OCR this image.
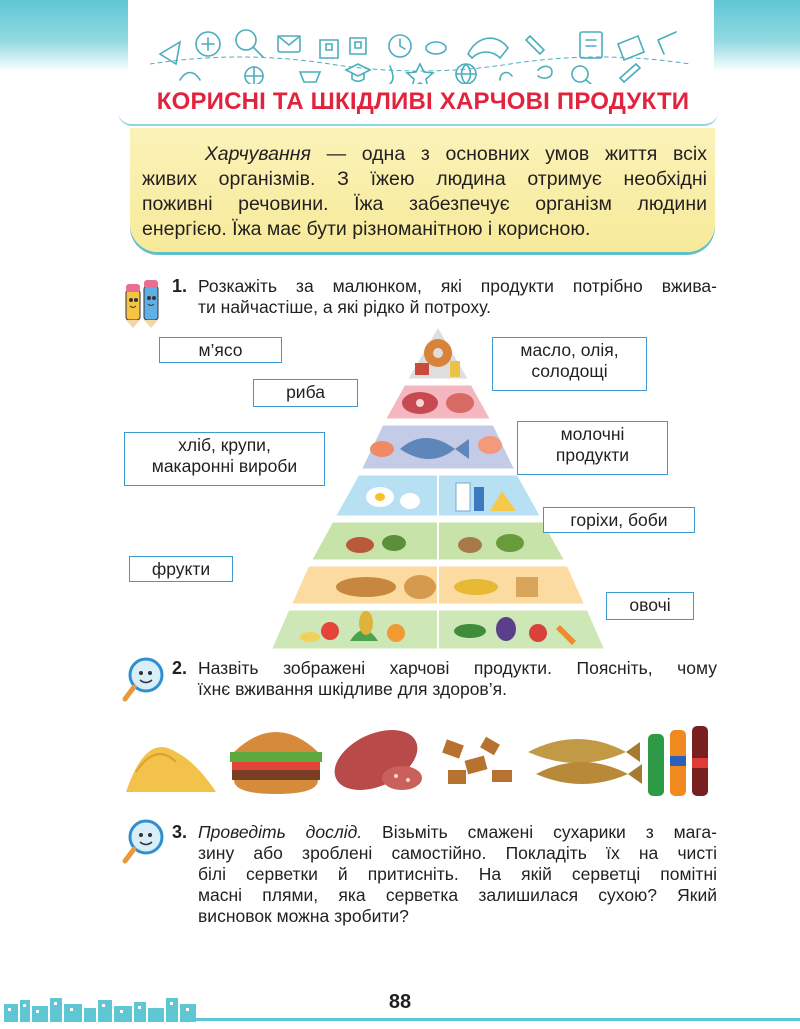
КОРИСНІ ТА ШКІДЛИВІ ХАРЧОВІ ПРОДУКТИ
Харчування — одна з основних умов життя всіх
живих організмів. З їжею людина отримує необхідні
поживні речовини. Їжа забезпечує організм людини
енергією. Їжа має бути різноманітною і корисною.
1. Розкажіть за малюнком, які продукти потрібно вжива-
ти найчастіше, а які рідко й потроху.
м’ясо
риба
хліб, крупи,
макаронні вироби
фрукти
масло, олія,
солодощі
молочні
продукти
горіхи, боби
овочі
2. Назвіть зображені харчові продукти. Поясніть, чому
їхнє вживання шкідливе для здоров’я.
3. Проведіть дослід. Візьміть смажені сухарики з мага-
зину або зроблені самостійно. Покладіть їх на чисті
білі серветки й притисніть. На якій серветці помітні
масні плями, яка серветка залишилася сухою? Який
висновок можна зробити?
88
